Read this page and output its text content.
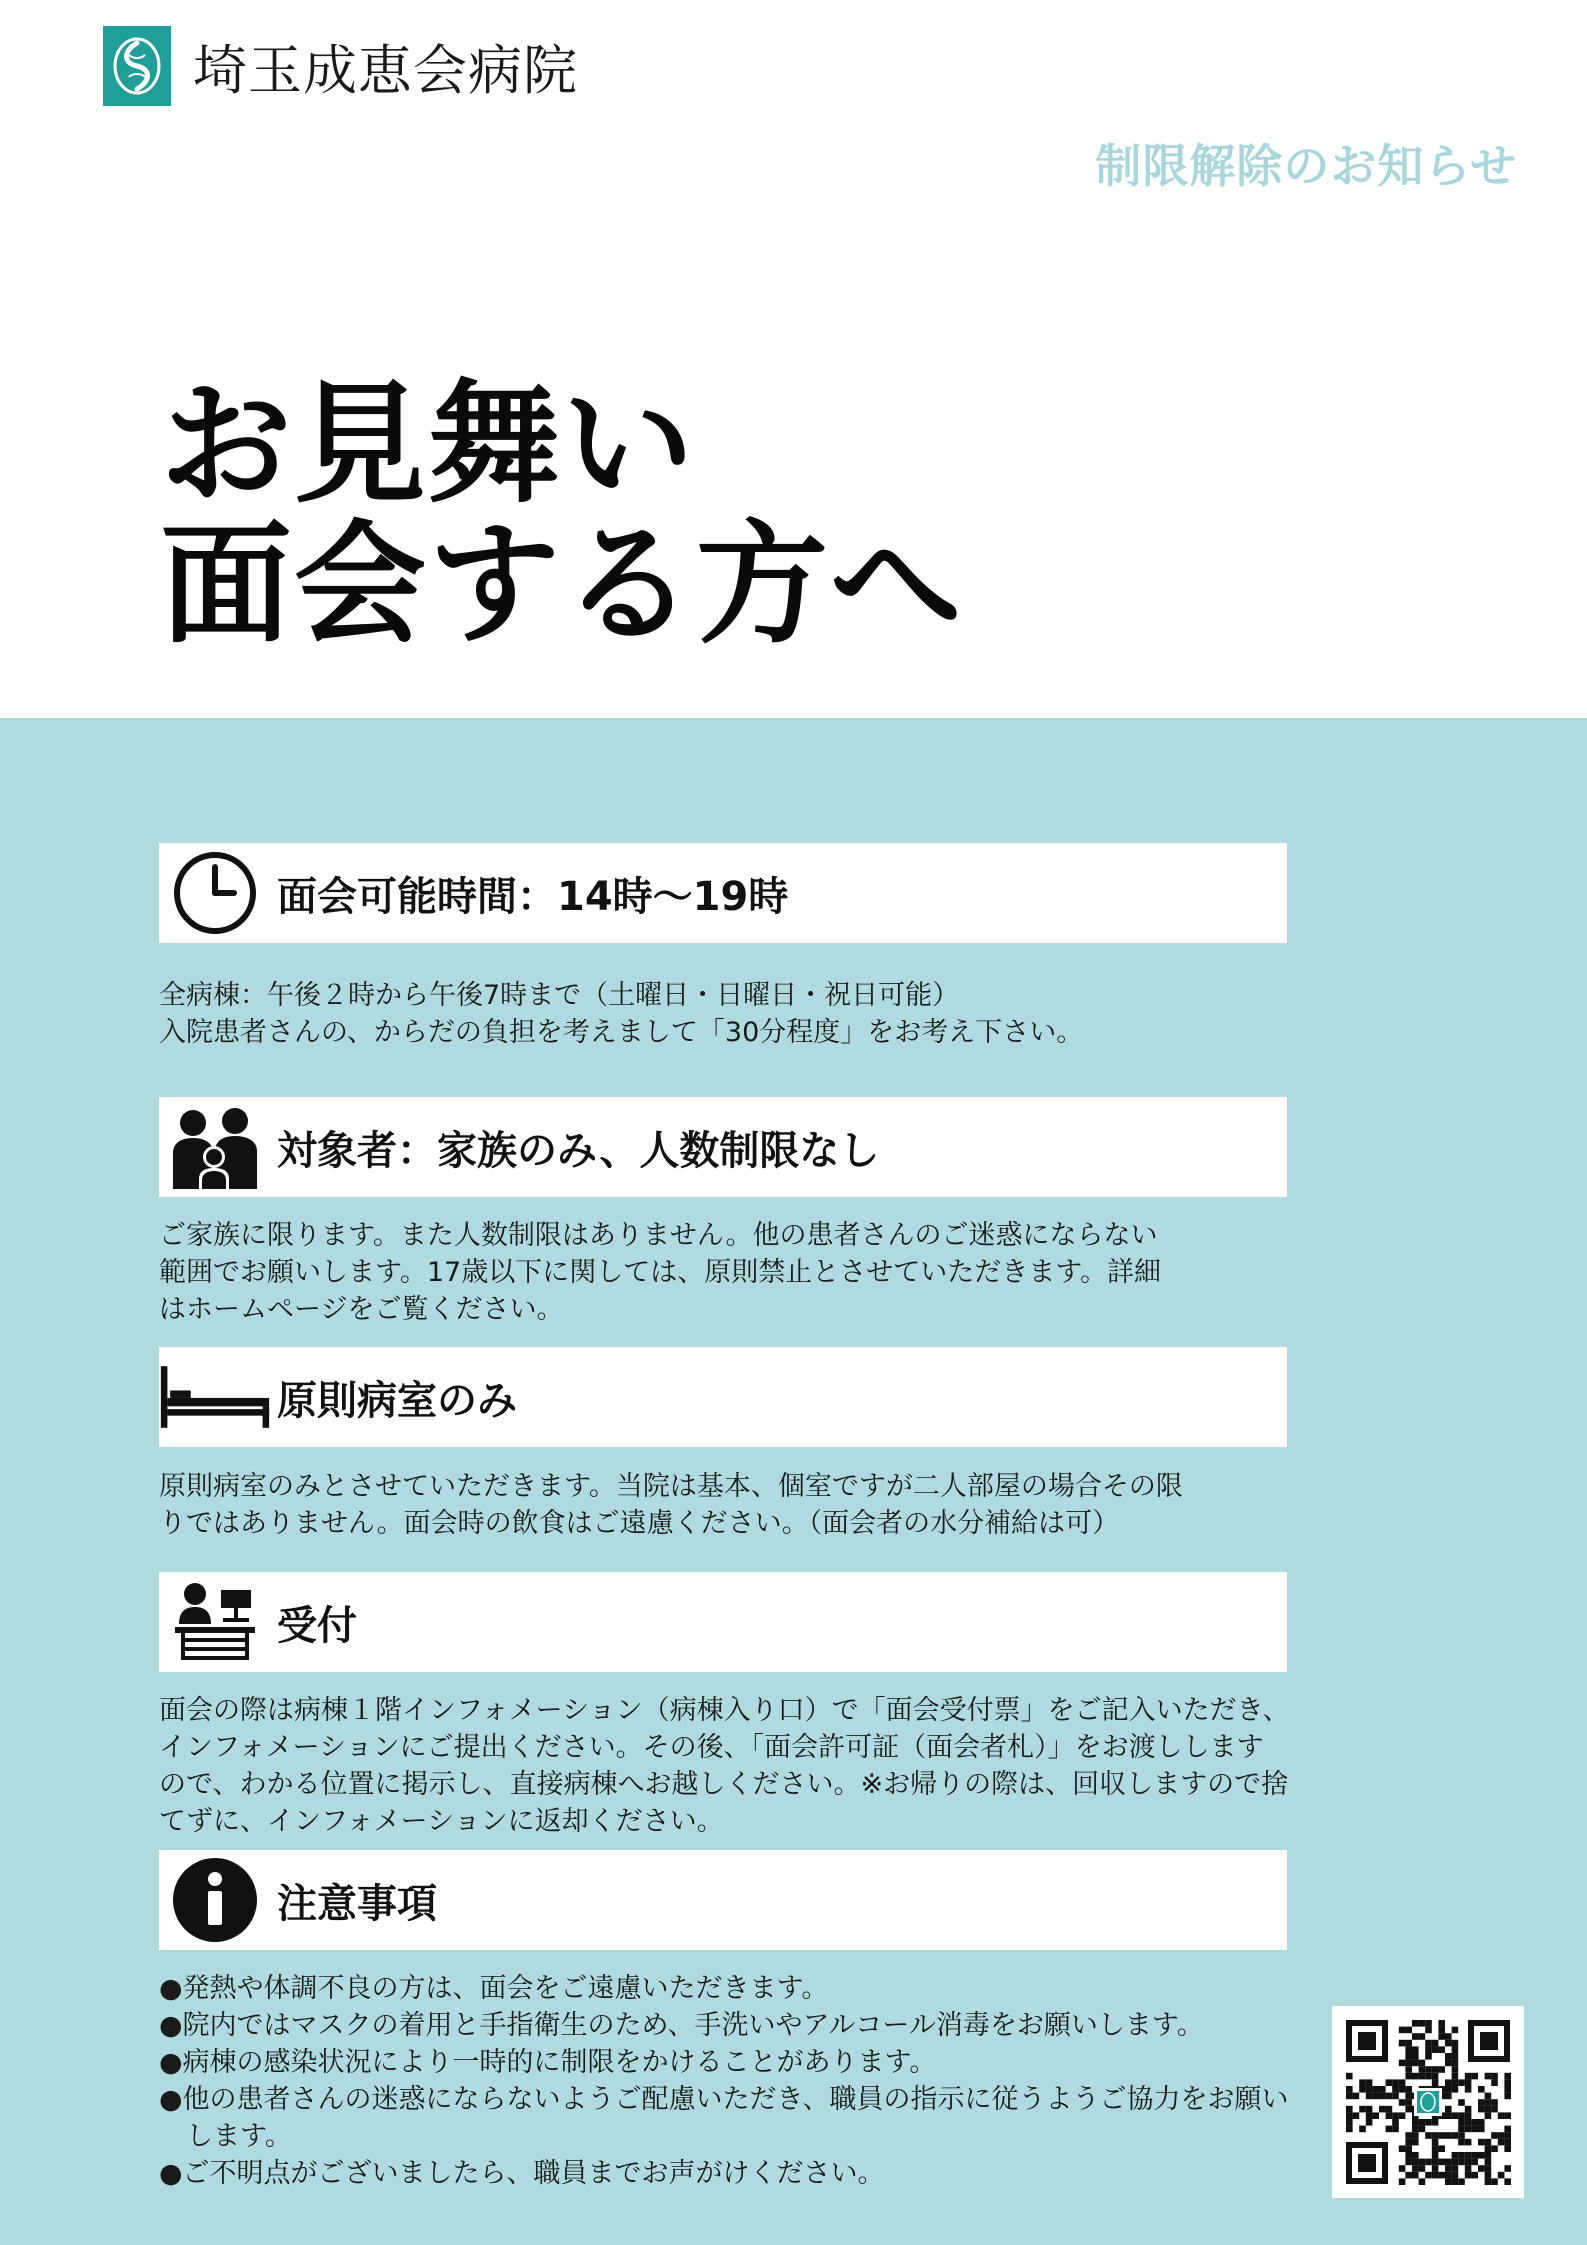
埼玉成恵会病院
制限解除のお知らせ
お見舞い
面会する方へ
面会可能時間：14時〜19時

全病棟：午後２時から午後7時まで（土曜日・日曜日・祝日可能）

入院患者さんの、からだの負担を考えまして「30分程度」をお考え下さい。

対象者：家族のみ、人数制限なし

ご家族に限ります。また人数制限はありません。他の患者さんのご迷惑にならない

範囲でお願いします。17歳以下に関しては、原則禁止とさせていただきます。詳細

はホームページをご覧ください。

原則病室のみ

原則病室のみとさせていただきます。当院は基本、個室ですが二人部屋の場合その限

りではありません。面会時の飲食はご遠慮ください。（面会者の水分補給は可）

受付

面会の際は病棟１階インフォメーション（病棟入り口）で「面会受付票」をご記入いただき、

インフォメーションにご提出ください。その後、「面会許可証（面会者札）」をお渡しします

ので、わかる位置に掲示し、直接病棟へお越しください。※お帰りの際は、回収しますので捨

てずに、インフォメーションに返却ください。

注意事項

●発熱や体調不良の方は、面会をご遠慮いただきます。

●院内ではマスクの着用と手指衛生のため、手洗いやアルコール消毒をお願いします。

●病棟の感染状況により一時的に制限をかけることがあります。

●他の患者さんの迷惑にならないようご配慮いただき、職員の指示に従うようご協力をお願い

　します。

●ご不明点がございましたら、職員までお声がけください。
